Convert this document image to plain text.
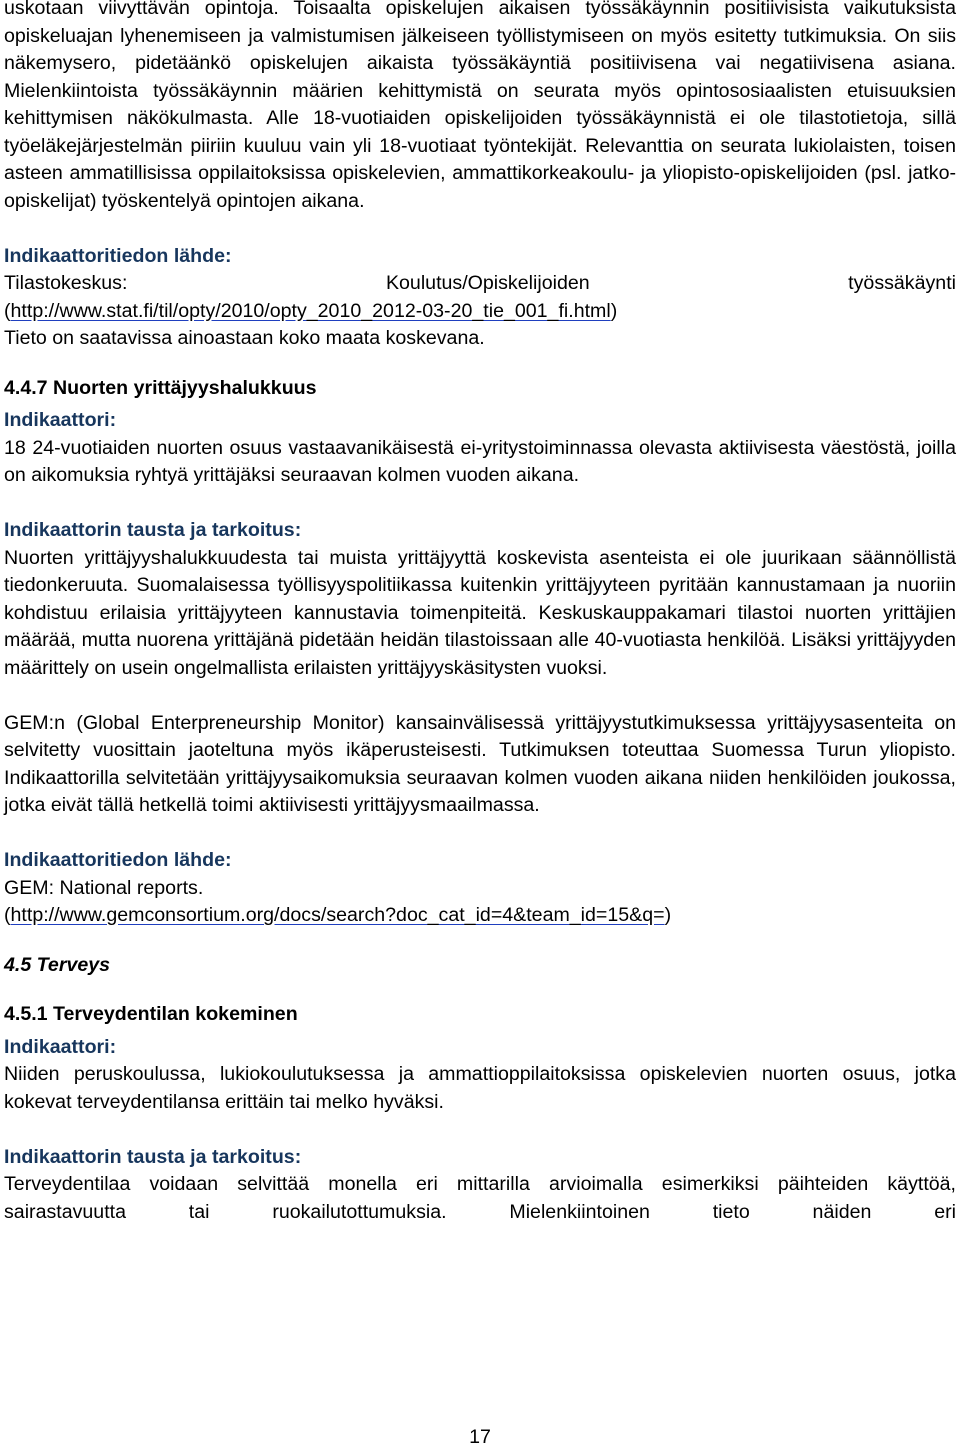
uskotaan viivyttävän opintoja. Toisaalta opiskelujen aikaisen työssäkäynnin positiivisista vaikutuksista opiskeluajan lyhenemiseen ja valmistumisen jälkeiseen työllistymiseen on myös esitetty tutkimuksia. On siis näkemysero, pidetäänkö opiskelujen aikaista työssäkäyntiä positiivisena vai negatiivisena asiana. Mielenkiintoista työssäkäynnin määrien kehittymistä on seurata myös opintososiaalisten etuisuuksien kehittymisen näkökulmasta. Alle 18-vuotiaiden opiskelijoiden työssäkäynnistä ei ole tilastotietoja, sillä työeläkejärjestelmän piiriin kuuluu vain yli 18-vuotiaat työntekijät. Relevanttia on seurata lukiolaisten, toisen asteen ammatillisissa oppilaitoksissa opiskelevien, ammattikorkeakoulu- ja yliopisto-opiskelijoiden (psl. jatko-opiskelijat) työskentelyä opintojen aikana.

Indikaattoritiedon lähde:

Tilastokeskus: Koulutus/Opiskelijoiden työssäkäynti

(http://www.stat.fi/til/opty/2010/opty_2010_2012-03-20_tie_001_fi.html)

Tieto on saatavissa ainoastaan koko maata koskevana.

4.4.7 Nuorten yrittäjyyshalukkuus

Indikaattori:

18 24-vuotiaiden nuorten osuus vastaavanikäisestä ei-yritystoiminnassa olevasta aktiivisesta väestöstä, joilla on aikomuksia ryhtyä yrittäjäksi seuraavan kolmen vuoden aikana.

Indikaattorin tausta ja tarkoitus:

Nuorten yrittäjyyshalukkuudesta tai muista yrittäjyyttä koskevista asenteista ei ole juurikaan säännöllistä tiedonkeruuta. Suomalaisessa työllisyyspolitiikassa kuitenkin yrittäjyyteen pyritään kannustamaan ja nuoriin kohdistuu erilaisia yrittäjyyteen kannustavia toimenpiteitä. Keskuskauppakamari tilastoi nuorten yrittäjien määrää, mutta nuorena yrittäjänä pidetään heidän tilastoissaan alle 40-vuotiasta henkilöä. Lisäksi yrittäjyyden määrittely on usein ongelmallista erilaisten yrittäjyyskäsitysten vuoksi.

GEM:n (Global Enterpreneurship Monitor) kansainvälisessä yrittäjyystutkimuksessa yrittäjyysasenteita on selvitetty vuosittain jaoteltuna myös ikäperusteisesti. Tutkimuksen toteuttaa Suomessa Turun yliopisto. Indikaattorilla selvitetään yrittäjyysaikomuksia seuraavan kolmen vuoden aikana niiden henkilöiden joukossa, jotka eivät tällä hetkellä toimi aktiivisesti yrittäjyysmaailmassa.

Indikaattoritiedon lähde:

GEM: National reports.

(http://www.gemconsortium.org/docs/search?doc_cat_id=4&team_id=15&q=)

4.5 Terveys

4.5.1 Terveydentilan kokeminen

Indikaattori:

Niiden peruskoulussa, lukiokoulutuksessa ja ammattioppilaitoksissa opiskelevien nuorten osuus, jotka kokevat terveydentilansa erittäin tai melko hyväksi.

Indikaattorin tausta ja tarkoitus:

Terveydentilaa voidaan selvittää monella eri mittarilla arvioimalla esimerkiksi päihteiden käyttöä, sairastavuutta tai ruokailutottumuksia. Mielenkiintoinen tieto näiden eri

17
